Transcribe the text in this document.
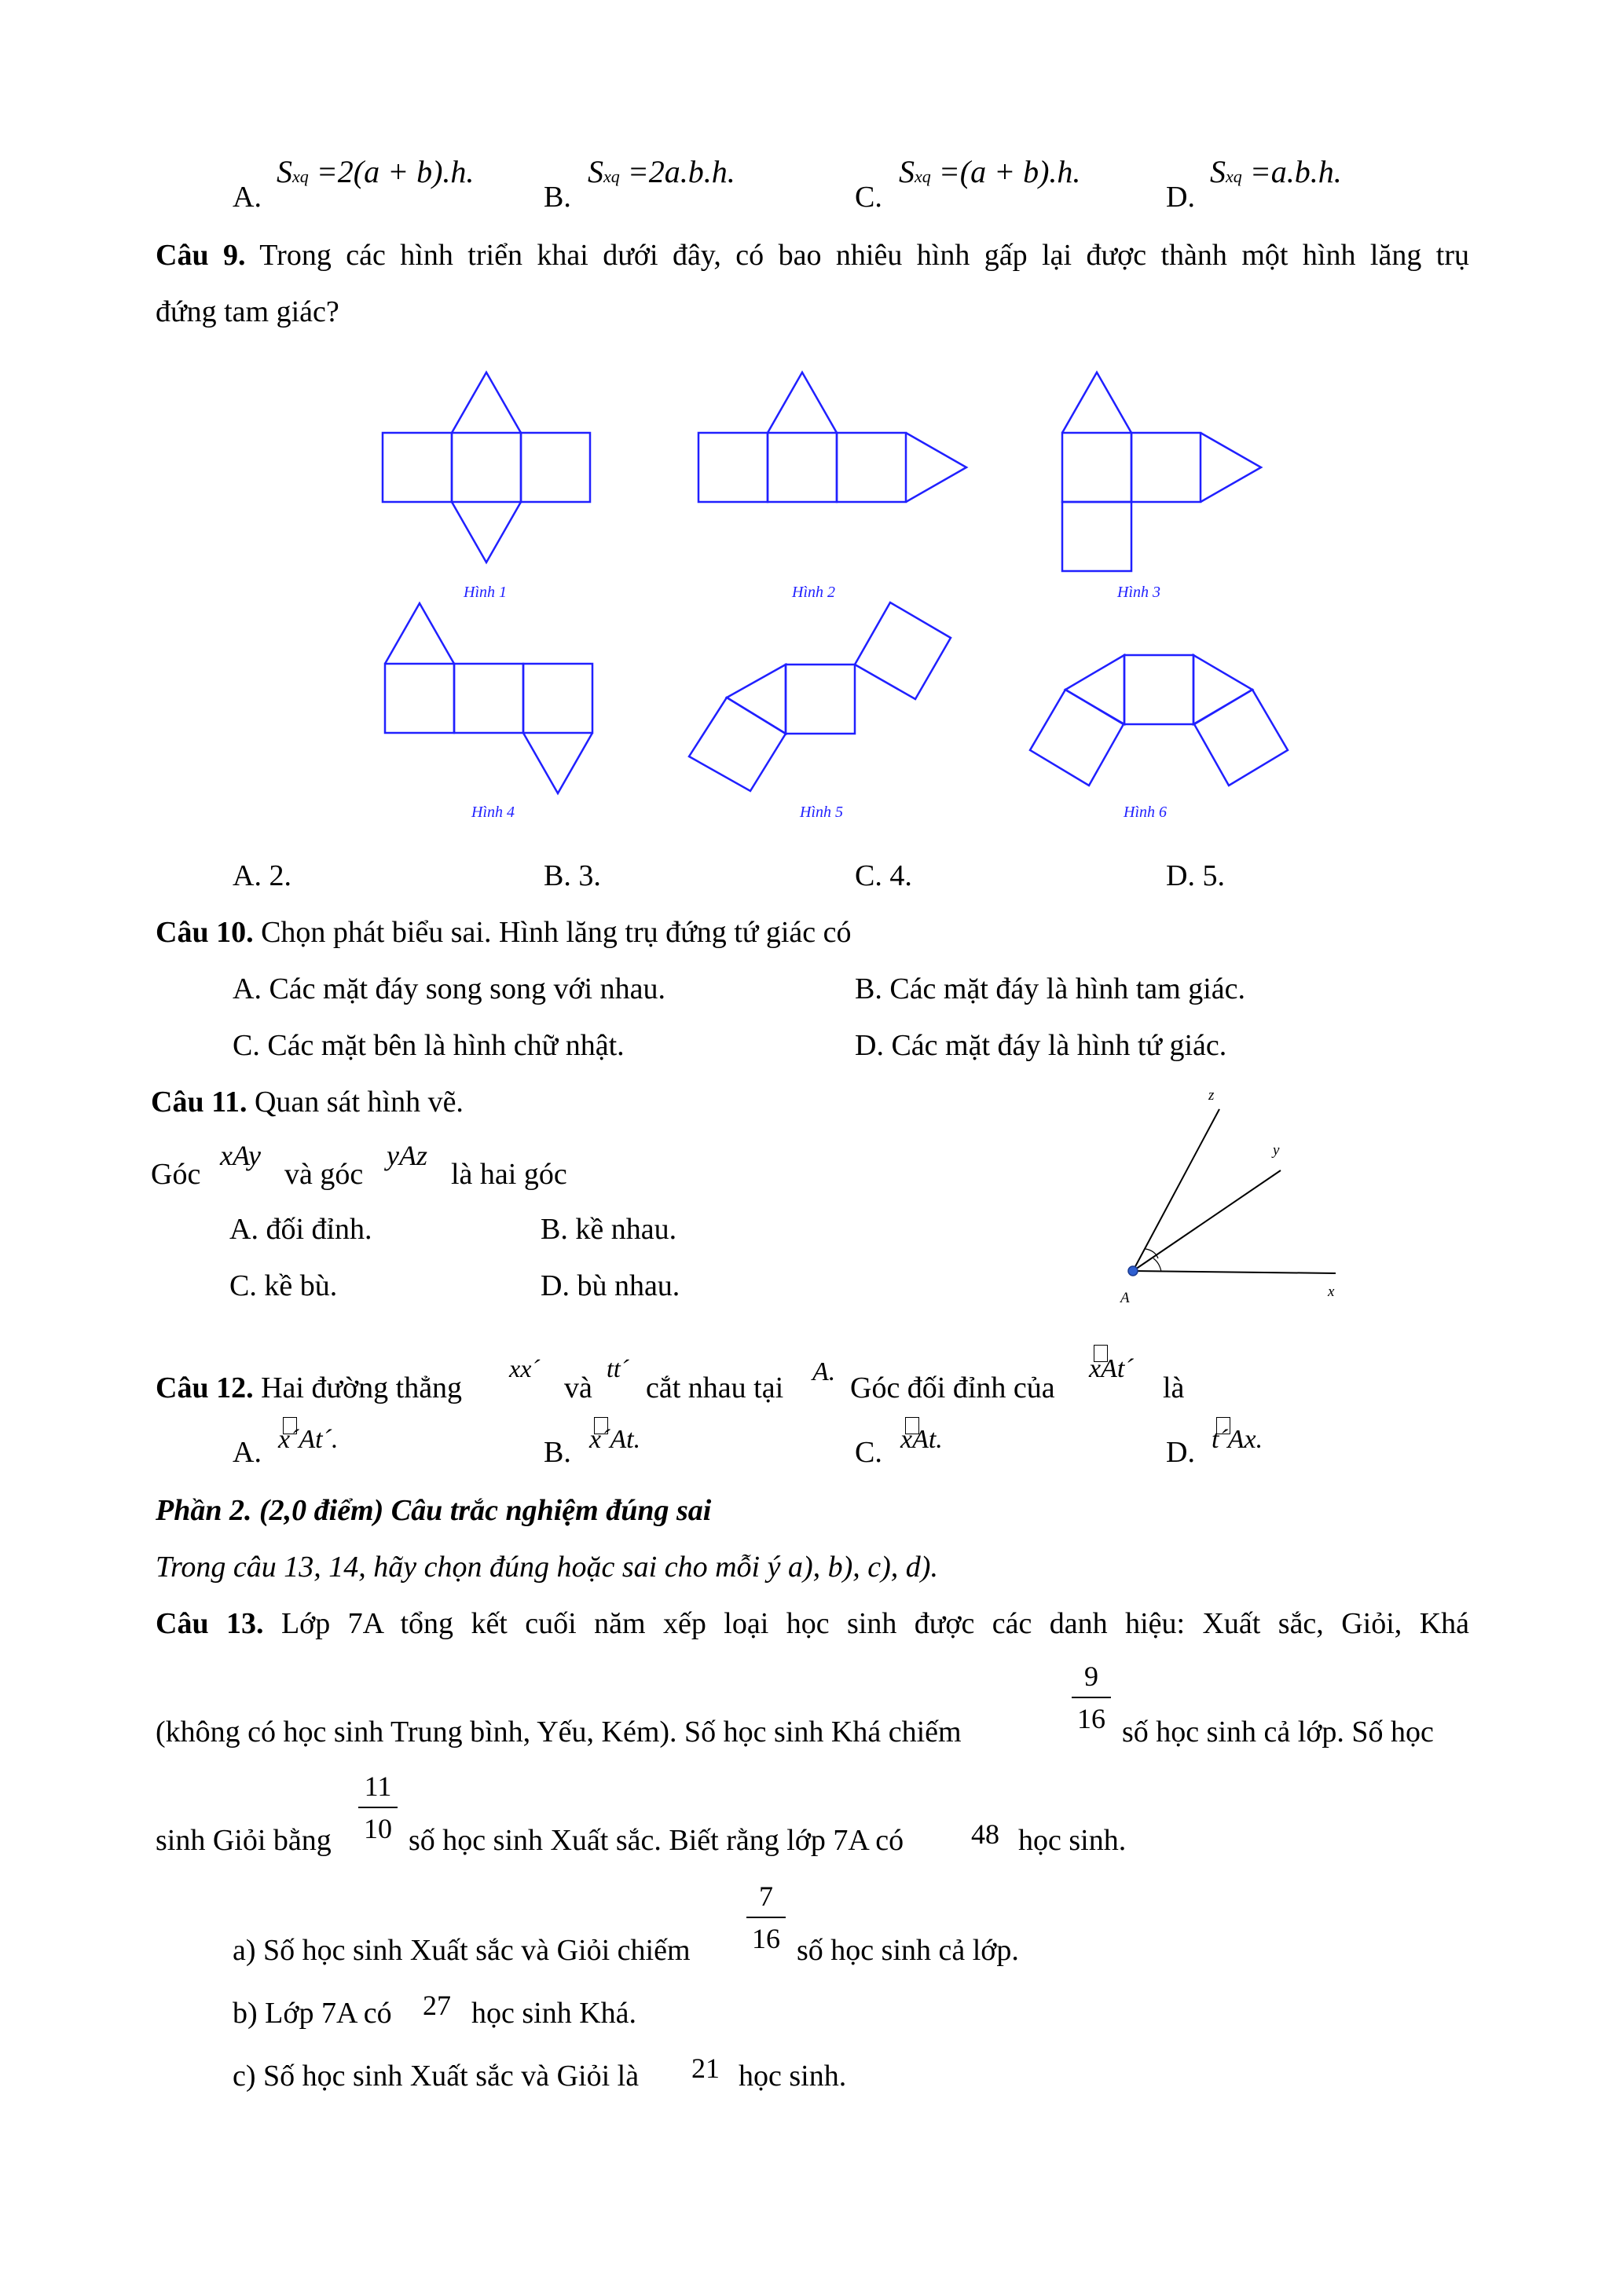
A.
Sxq =2(a + b).h.
B.
Sxq =2a.b.h.
C.
Sxq =(a + b).h.
D.
Sxq =a.b.h.
Câu 9. Trong các hình triển khai dưới đây, có bao nhiêu hình gấp lại được thành một hình lăng trụ
đứng tam giác?
Hình 1	Hình 2	Hình 3
Hình 4	Hình 5	Hình 6
A. 2.	B. 3.	C. 4.	D. 5.
Câu 10. Chọn phát biểu sai. Hình lăng trụ đứng tứ giác có
A. Các mặt đáy song song với nhau.	B. Các mặt đáy là hình tam giác.
C. Các mặt bên là hình chữ nhật.	D. Các mặt đáy là hình tứ giác.
Câu 11. Quan sát hình vẽ.
Góc
xAy
và góc
yAz
là hai góc
A. đối đỉnh.	B. kề nhau.
C. kề bù.	D. bù nhau.
z
y
x
A
Câu 12. Hai đường thẳng
xx´
và
tt´
cắt nhau tại A. Góc đối đỉnh của
xAt´
là
A. x´At´.	B. x´At.	C. xAt.	D. t´Ax.
Phần 2. (2,0 điểm) Câu trắc nghiệm đúng sai
Trong câu 13, 14, hãy chọn đúng hoặc sai cho mỗi ý a), b), c), d).
Câu 13. Lớp 7A tổng kết cuối năm xếp loại học sinh được các danh hiệu: Xuất sắc, Giỏi, Khá
(không có học sinh Trung bình, Yếu, Kém). Số học sinh Khá chiếm
9
16 số học sinh cả lớp. Số học
sinh Giỏi bằng
11
10 số học sinh Xuất sắc. Biết rằng lớp 7A có 48 học sinh.
a) Số học sinh Xuất sắc và Giỏi chiếm
7
16 số học sinh cả lớp.
b) Lớp 7A có 27 học sinh Khá.
c) Số học sinh Xuất sắc và Giỏi là 21 học sinh.
